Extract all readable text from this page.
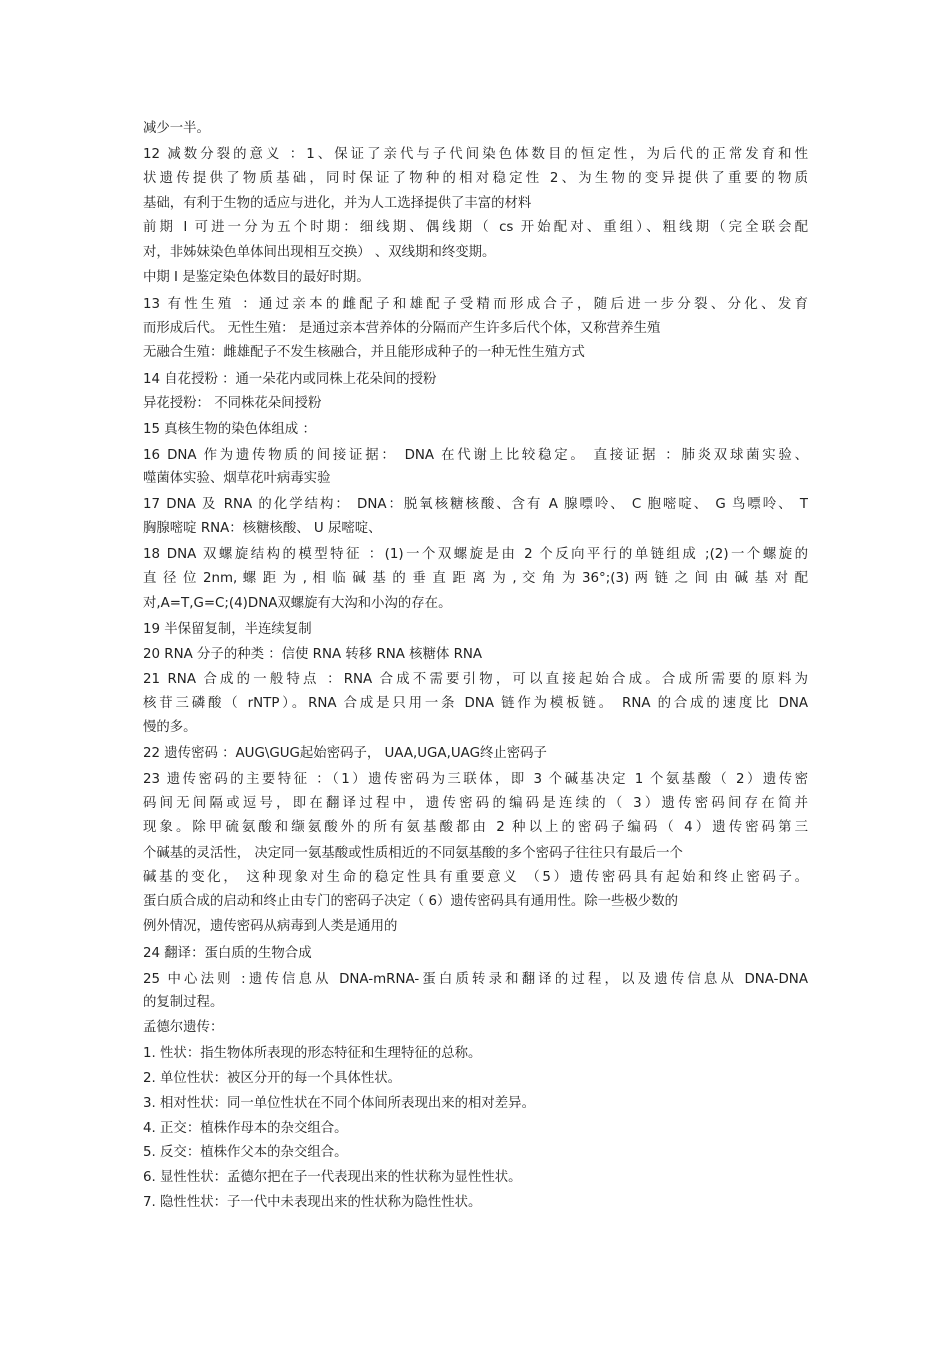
减少一半。
12 减数分裂的意义 ：1、保证了亲代与子代间染色体数目的恒定性，为后代的正常发育和性
状遗传提供了物质基础，同时保证了物种的相对稳定性 2、为生物的变异提供了重要的物质
基础，有利于生物的适应与进化，并为人工选择提供了丰富的材料
前期 I 可进一分为五个时期：细线期、偶线期（ cs 开始配对、重组）、粗线期（完全联会配
对，非姊妹染色单体间出现相互交换） 、双线期和终变期。
中期 I 是鉴定染色体数目的最好时期。
13 有性生殖 ：通过亲本的雌配子和雄配子受精而形成合子，随后进一步分裂、分化、发育
而形成后代。 无性生殖： 是通过亲本营养体的分隔而产生许多后代个体，又称营养生殖
无融合生殖：雌雄配子不发生核融合，并且能形成种子的一种无性生殖方式
14 自花授粉 ：通一朵花内或同株上花朵间的授粉
异花授粉： 不同株花朵间授粉
15 真核生物的染色体组成 ：
16 DNA 作为遗传物质的间接证据： DNA 在代谢上比较稳定。 直接证据 ：肺炎双球菌实验、
噬菌体实验、烟草花叶病毒实验
17 DNA 及 RNA 的化学结构： DNA：脱氧核糖核酸、含有 A 腺嘌呤、 C 胞嘧啶、 G 鸟嘌呤、 T
胸腺嘧啶 RNA：核糖核酸、 U 尿嘧啶、
18 DNA 双螺旋结构的模型特征 ：(1)一个双螺旋是由 2 个反向平行的单链组成 ;(2)一个螺旋的
直 径 位 2nm, 螺 距 为 , 相 临 碱 基 的 垂 直 距 离 为 , 交 角 为 36°;(3) 两 链 之 间 由 碱 基 对 配
对,A=T,G=C;(4)DNA双螺旋有大沟和小沟的存在。
19 半保留复制，半连续复制
20 RNA 分子的种类 ：信使 RNA 转移 RNA 核糖体 RNA
21 RNA 合成的一般特点 ：RNA 合成不需要引物，可以直接起始合成。合成所需要的原料为
核苷三磷酸（ rNTP）。RNA 合成是只用一条 DNA 链作为模板链。 RNA 的合成的速度比 DNA
慢的多。
22 遗传密码 ：AUG\GUG起始密码子， UAA,UGA,UAG终止密码子
23 遗传密码的主要特征 ：（1）遗传密码为三联体，即 3 个碱基决定 1 个氨基酸（ 2）遗传密
码间无间隔或逗号，即在翻译过程中，遗传密码的编码是连续的（ 3）遗传密码间存在简并
现象。除甲硫氨酸和缬氨酸外的所有氨基酸都由 2 种以上的密码子编码（ 4）遗传密码第三
个碱基的灵活性， 决定同一氨基酸或性质相近的不同氨基酸的多个密码子往往只有最后一个
碱基的变化， 这种现象对生命的稳定性具有重要意义 （5）遗传密码具有起始和终止密码子。
蛋白质合成的启动和终止由专门的密码子决定（ 6）遗传密码具有通用性。除一些极少数的
例外情况，遗传密码从病毒到人类是通用的
24 翻译：蛋白质的生物合成
25 中心法则 :遗传信息从 DNA-mRNA-蛋白质转录和翻译的过程，以及遗传信息从 DNA-DNA
的复制过程。
孟德尔遗传：
1. 性状：指生物体所表现的形态特征和生理特征的总称。
2. 单位性状：被区分开的每一个具体性状。
3. 相对性状：同一单位性状在不同个体间所表现出来的相对差异。
4. 正交：植株作母本的杂交组合。
5. 反交：植株作父本的杂交组合。
6. 显性性状：孟德尔把在子一代表现出来的性状称为显性性状。
7. 隐性性状：子一代中未表现出来的性状称为隐性性状。
